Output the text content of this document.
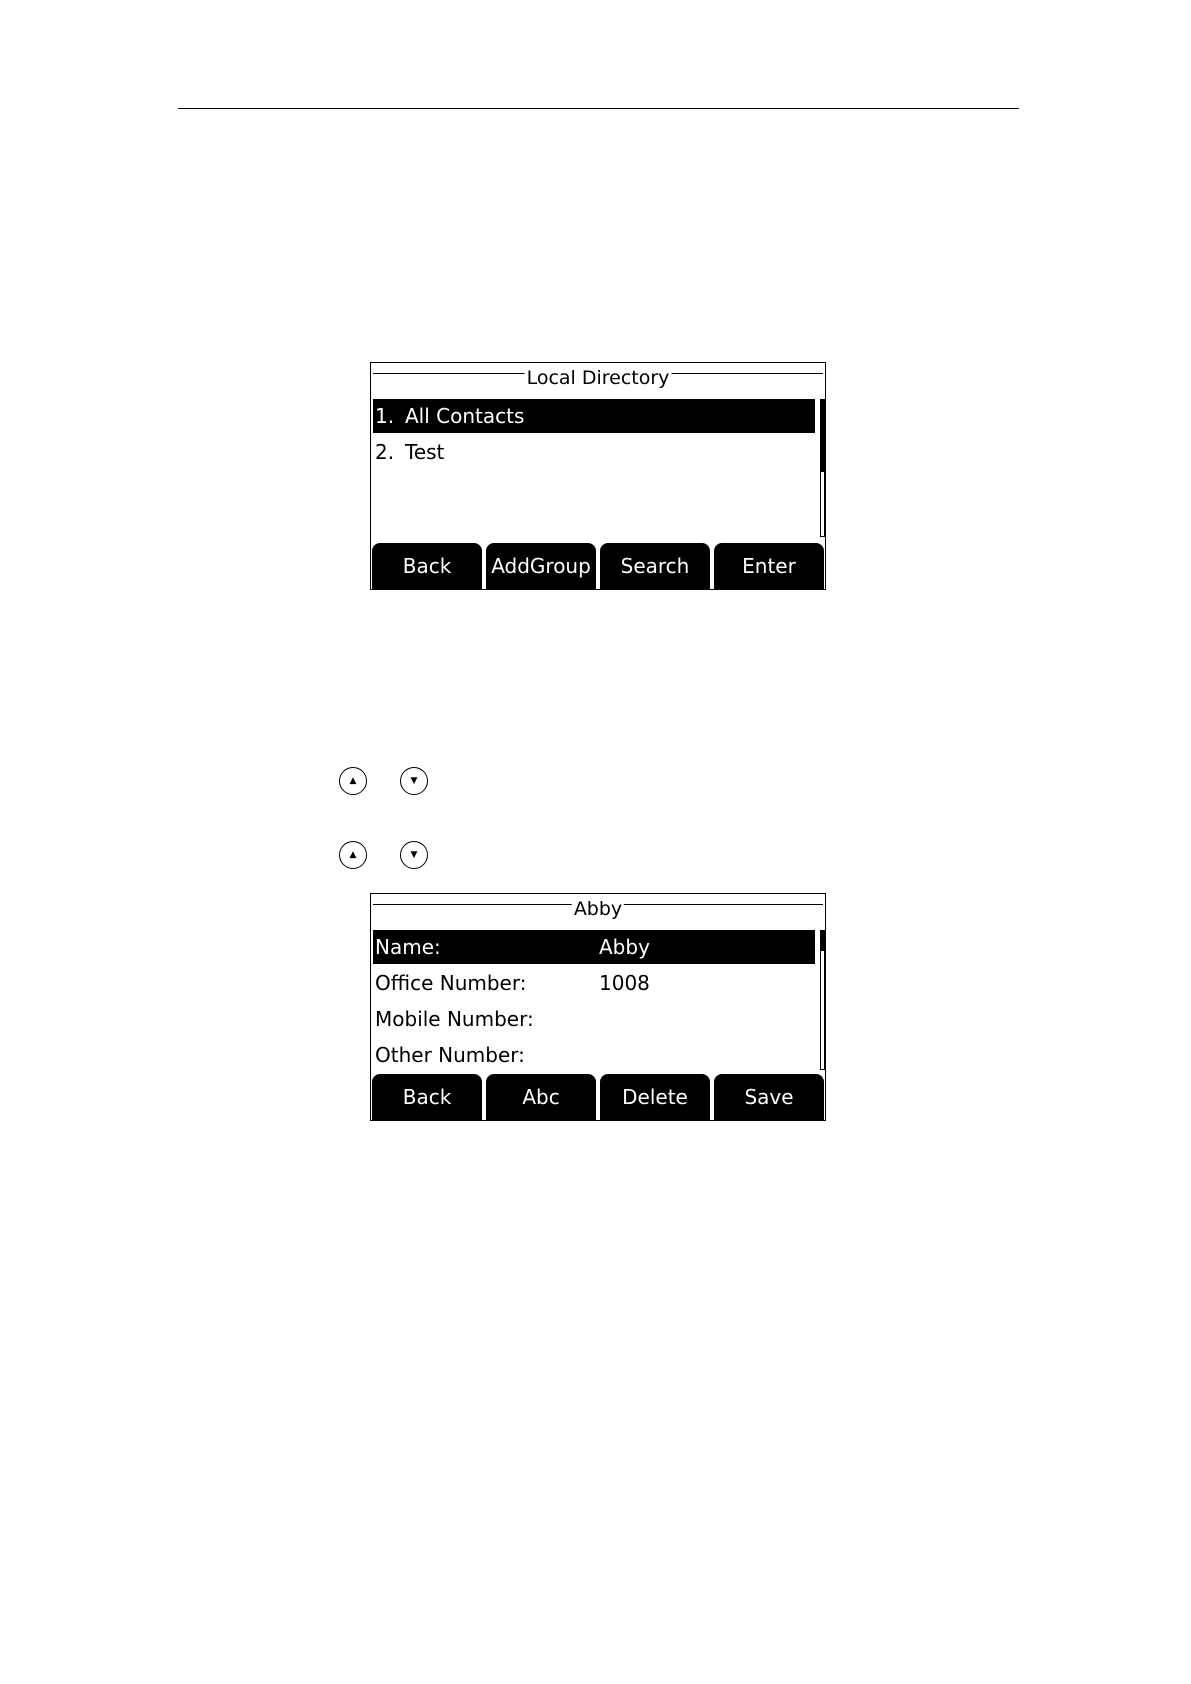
Local Directory
1. All Contacts
2. Test
Back	AddGroup	Search	Enter
▲	▼
▲	▼
Abby
Name:	Abby
Office Number:	1008
Mobile Number:
Other Number:
Back	Abc	Delete	Save
